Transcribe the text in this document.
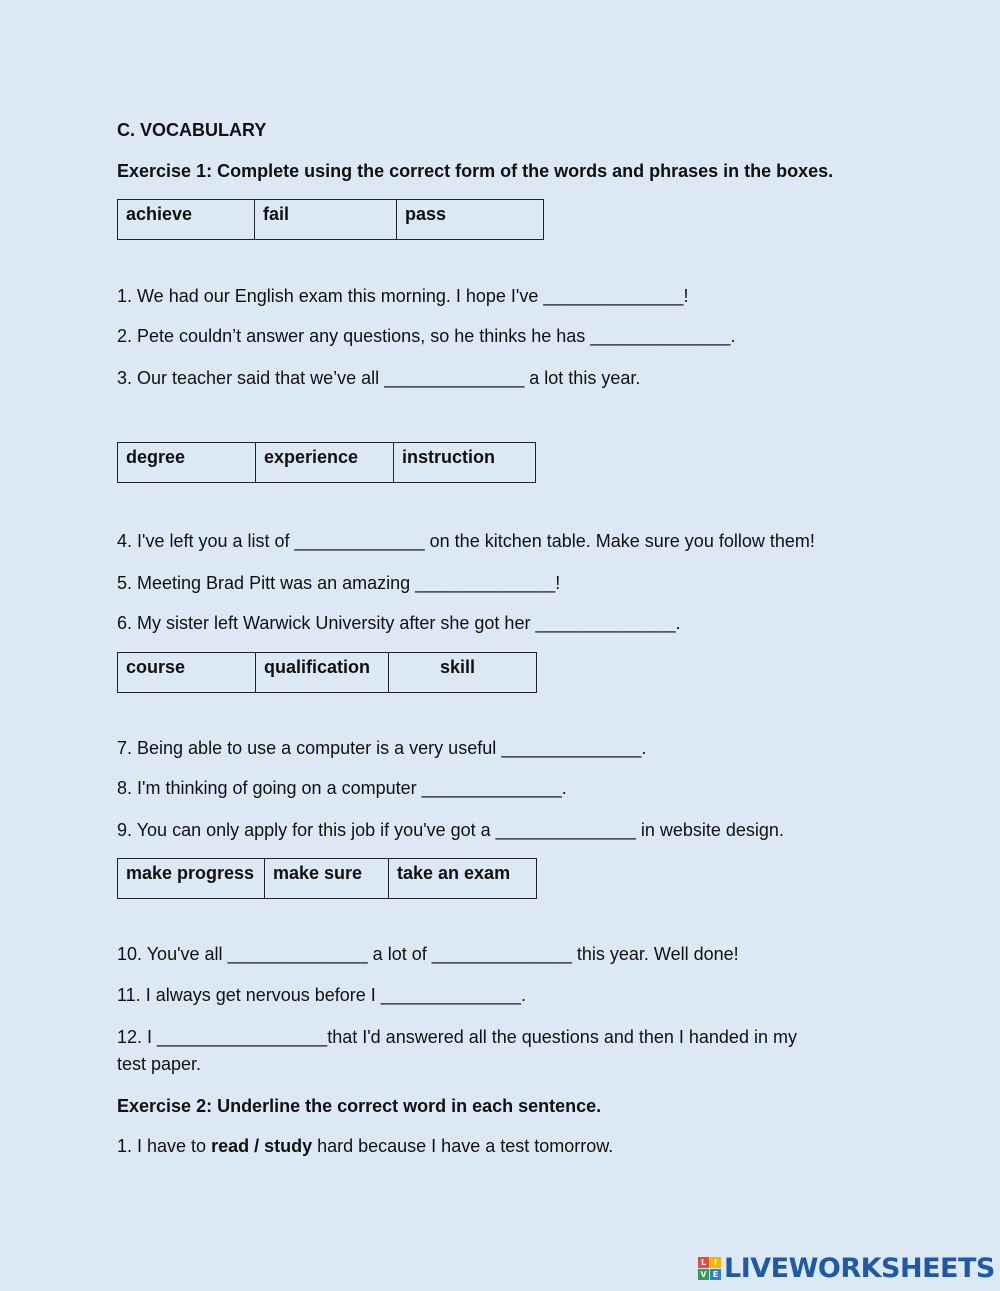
C. VOCABULARY
Exercise 1: Complete using the correct form of the words and phrases in the boxes.
achieve	fail	pass
1. We had our English exam this morning. I hope I've ______________!
2. Pete couldn’t answer any questions, so he thinks he has ______________.
3. Our teacher said that we’ve all ______________ a lot this year.
degree	experience	instruction
4. I've left you a list of _____________ on the kitchen table. Make sure you follow them!
5. Meeting Brad Pitt was an amazing ______________!
6. My sister left Warwick University after she got her ______________.
course	qualification	skill
7. Being able to use a computer is a very useful ______________.
8. I'm thinking of going on a computer ______________.
9. You can only apply for this job if you've got a ______________ in website design.
make progress	make sure	take an exam
10. You've all ______________ a lot of ______________ this year. Well done!
11. I always get nervous before I ______________.
12. I _________________that I'd answered all the questions and then I handed in my
test paper.
Exercise 2: Underline the correct word in each sentence.
1. I have to read / study hard because I have a test tomorrow.
L I
V E LIVEWORKSHEETS
